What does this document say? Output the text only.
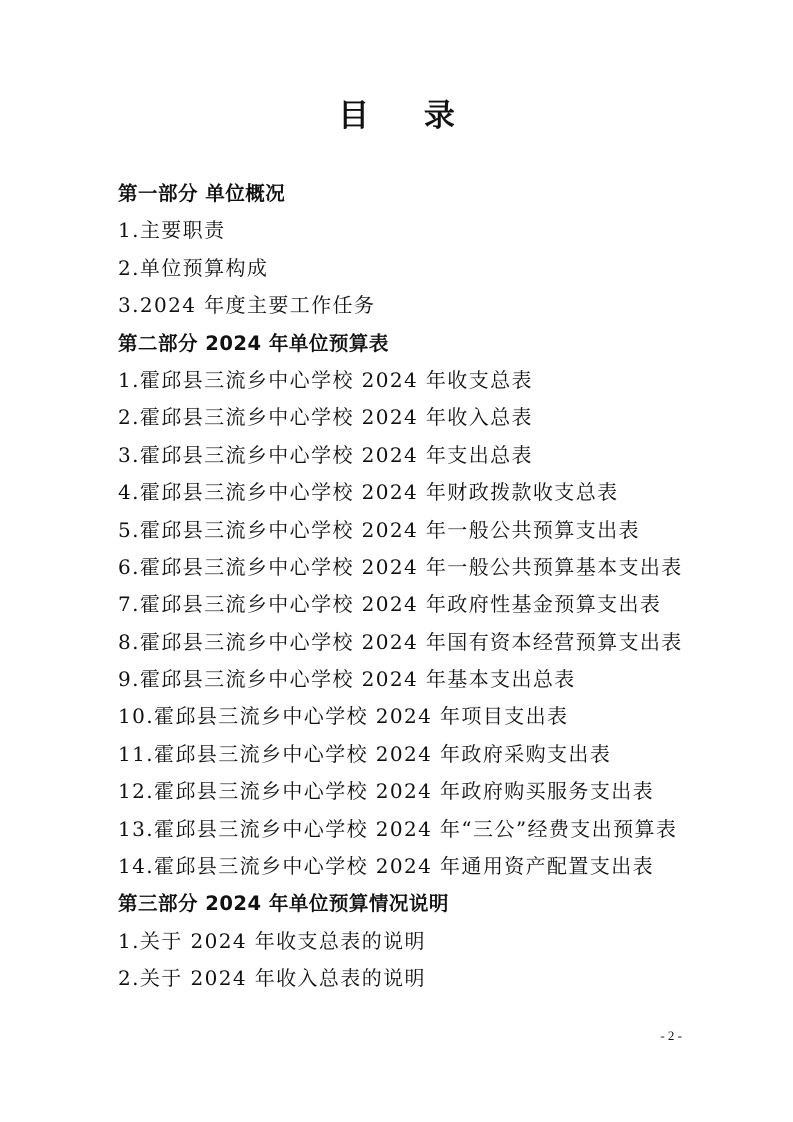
目 录
第一部分 单位概况
1.主要职责
2.单位预算构成
3.2024 年度主要工作任务
第二部分 2024 年单位预算表
1.霍邱县三流乡中心学校 2024 年收支总表
2.霍邱县三流乡中心学校 2024 年收入总表
3.霍邱县三流乡中心学校 2024 年支出总表
4.霍邱县三流乡中心学校 2024 年财政拨款收支总表
5.霍邱县三流乡中心学校 2024 年一般公共预算支出表
6.霍邱县三流乡中心学校 2024 年一般公共预算基本支出表
7.霍邱县三流乡中心学校 2024 年政府性基金预算支出表
8.霍邱县三流乡中心学校 2024 年国有资本经营预算支出表
9.霍邱县三流乡中心学校 2024 年基本支出总表
10.霍邱县三流乡中心学校 2024 年项目支出表
11.霍邱县三流乡中心学校 2024 年政府采购支出表
12.霍邱县三流乡中心学校 2024 年政府购买服务支出表
13.霍邱县三流乡中心学校 2024 年“三公”经费支出预算表
14.霍邱县三流乡中心学校 2024 年通用资产配置支出表
第三部分 2024 年单位预算情况说明
1.关于 2024 年收支总表的说明
2.关于 2024 年收入总表的说明
- 2 -
